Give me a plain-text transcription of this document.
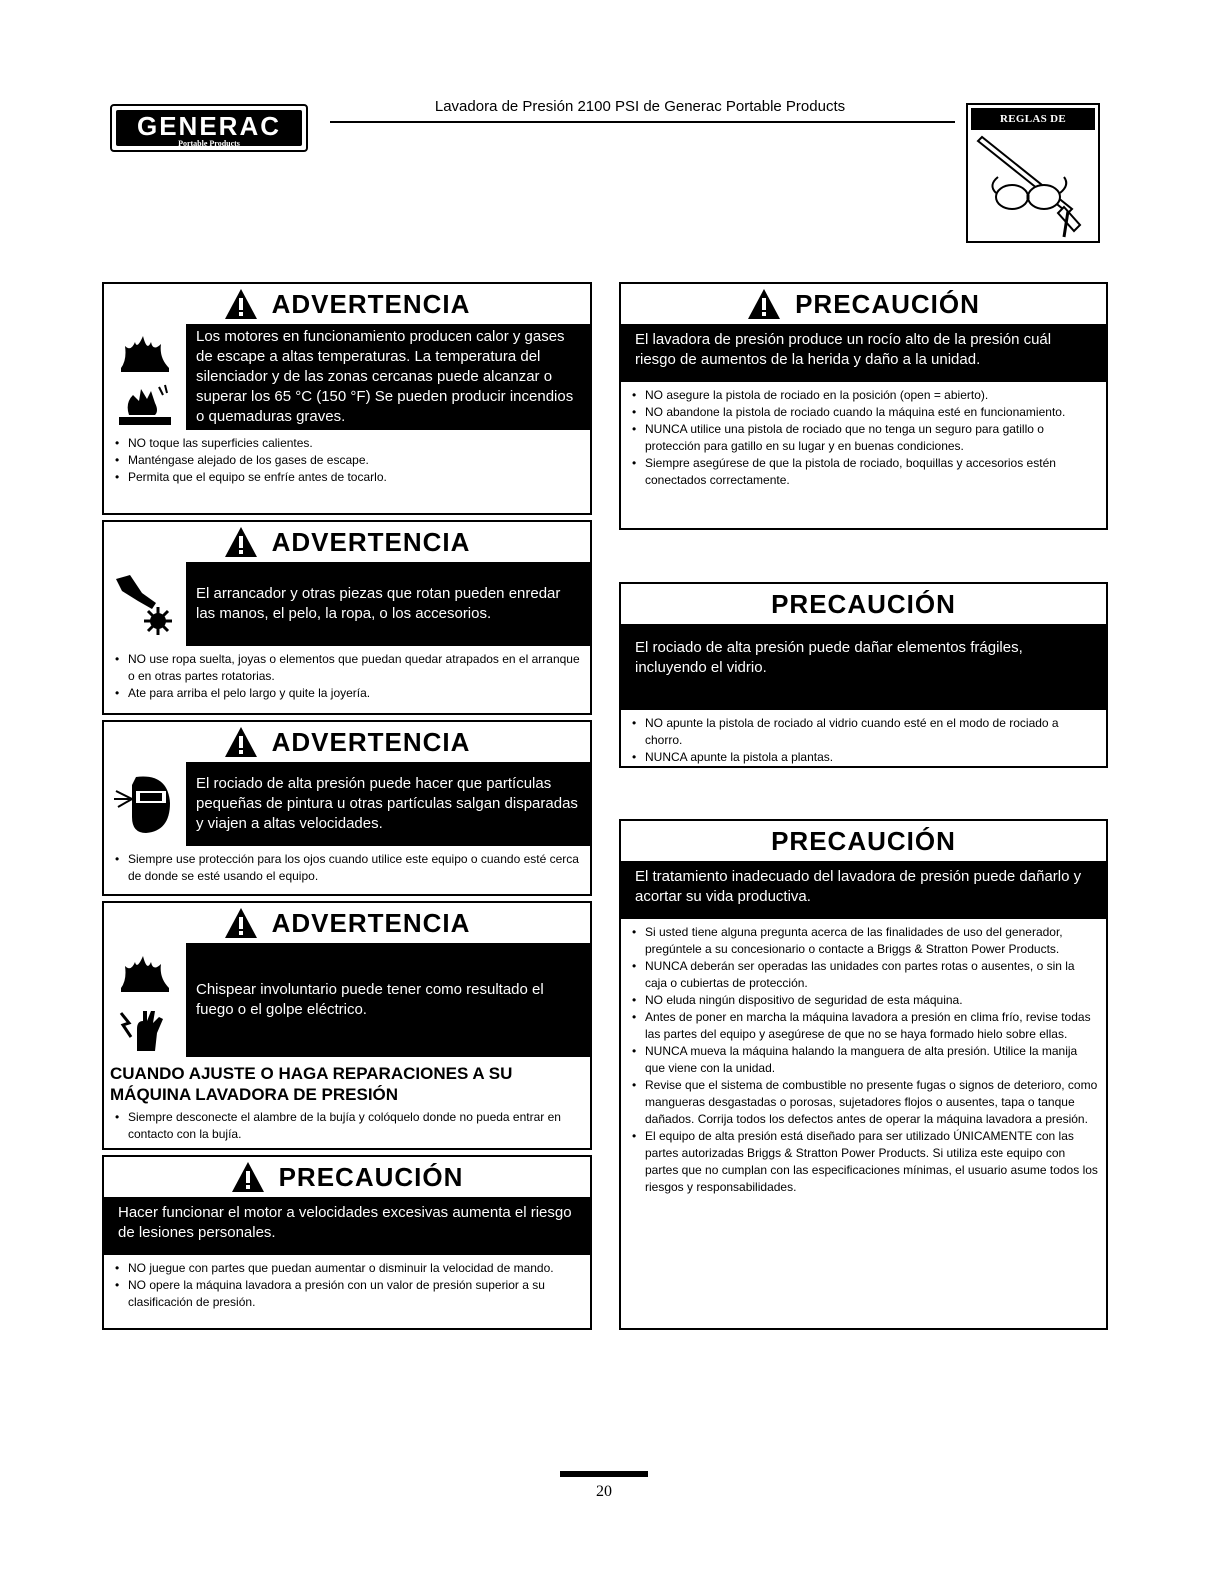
GENERAC
Portable Products
Lavadora de Presión 2100 PSI de Generac Portable Products
REGLAS DE SEGURIDAD
ADVERTENCIA
Los motores en funcionamiento producen calor y gases de escape a altas temperaturas. La temperatura del silenciador y de las zonas cercanas puede alcanzar o superar los 65 °C (150 °F) Se pueden producir incendios o quemaduras graves.
• NO toque las superficies calientes.
• Manténgase alejado de los gases de escape.
• Permita que el equipo se enfríe antes de tocarlo.
ADVERTENCIA
El arrancador y otras piezas que rotan pueden enredar las manos, el pelo, la ropa, o los accesorios.
• NO use ropa suelta, joyas o elementos que puedan quedar atrapados en el arranque o en otras partes rotatorias.
• Ate para arriba el pelo largo y quite la joyería.
ADVERTENCIA
El rociado de alta presión puede hacer que partículas pequeñas de pintura u otras partículas salgan disparadas y viajen a altas velocidades.
• Siempre use protección para los ojos cuando utilice este equipo o cuando esté cerca de donde se esté usando el equipo.
ADVERTENCIA
Chispear involuntario puede tener como resultado el fuego o el golpe eléctrico.
CUANDO AJUSTE O HAGA REPARACIONES A SU MÁQUINA LAVADORA DE PRESIÓN
• Siempre desconecte el alambre de la bujía y colóquelo donde no pueda entrar en contacto con la bujía.
PRECAUCIÓN
Hacer funcionar el motor a velocidades excesivas aumenta el riesgo de lesiones personales.
• NO juegue con partes que puedan aumentar o disminuir la velocidad de mando.
• NO opere la máquina lavadora a presión con un valor de presión superior a su clasificación de presión.
PRECAUCIÓN
El lavadora de presión produce un rocío alto de la presión cuál riesgo de aumentos de la herida y daño a la unidad.
• NO asegure la pistola de rociado en la posición (open = abierto).
• NO abandone la pistola de rociado cuando la máquina esté en funcionamiento.
• NUNCA utilice una pistola de rociado que no tenga un seguro para gatillo o protección para gatillo en su lugar y en buenas condiciones.
• Siempre asegúrese de que la pistola de rociado, boquillas y accesorios estén conectados correctamente.
PRECAUCIÓN
El rociado de alta presión puede dañar elementos frágiles, incluyendo el vidrio.
• NO apunte la pistola de rociado al vidrio cuando esté en el modo de rociado a chorro.
• NUNCA apunte la pistola a plantas.
PRECAUCIÓN
El tratamiento inadecuado del lavadora de presión puede dañarlo y acortar su vida productiva.
• Si usted tiene alguna pregunta acerca de las finalidades de uso del generador, pregúntele a su concesionario o contacte a Briggs & Stratton Power Products.
• NUNCA deberán ser operadas las unidades con partes rotas o ausentes, o sin la caja o cubiertas de protección.
• NO eluda ningún dispositivo de seguridad de esta máquina.
• Antes de poner en marcha la máquina lavadora a presión en clima frío, revise todas las partes del equipo y asegúrese de que no se haya formado hielo sobre ellas.
• NUNCA mueva la máquina halando la manguera de alta presión. Utilice la manija que viene con la unidad.
• Revise que el sistema de combustible no presente fugas o signos de deterioro, como mangueras desgastadas o porosas, sujetadores flojos o ausentes, tapa o tanque dañados. Corrija todos los defectos antes de operar la máquina lavadora a presión.
• El equipo de alta presión está diseñado para ser utilizado ÚNICAMENTE con las partes autorizadas Briggs & Stratton Power Products. Si utiliza este equipo con partes que no cumplan con las especificaciones mínimas, el usuario asume todos los riesgos y responsabilidades.
20
